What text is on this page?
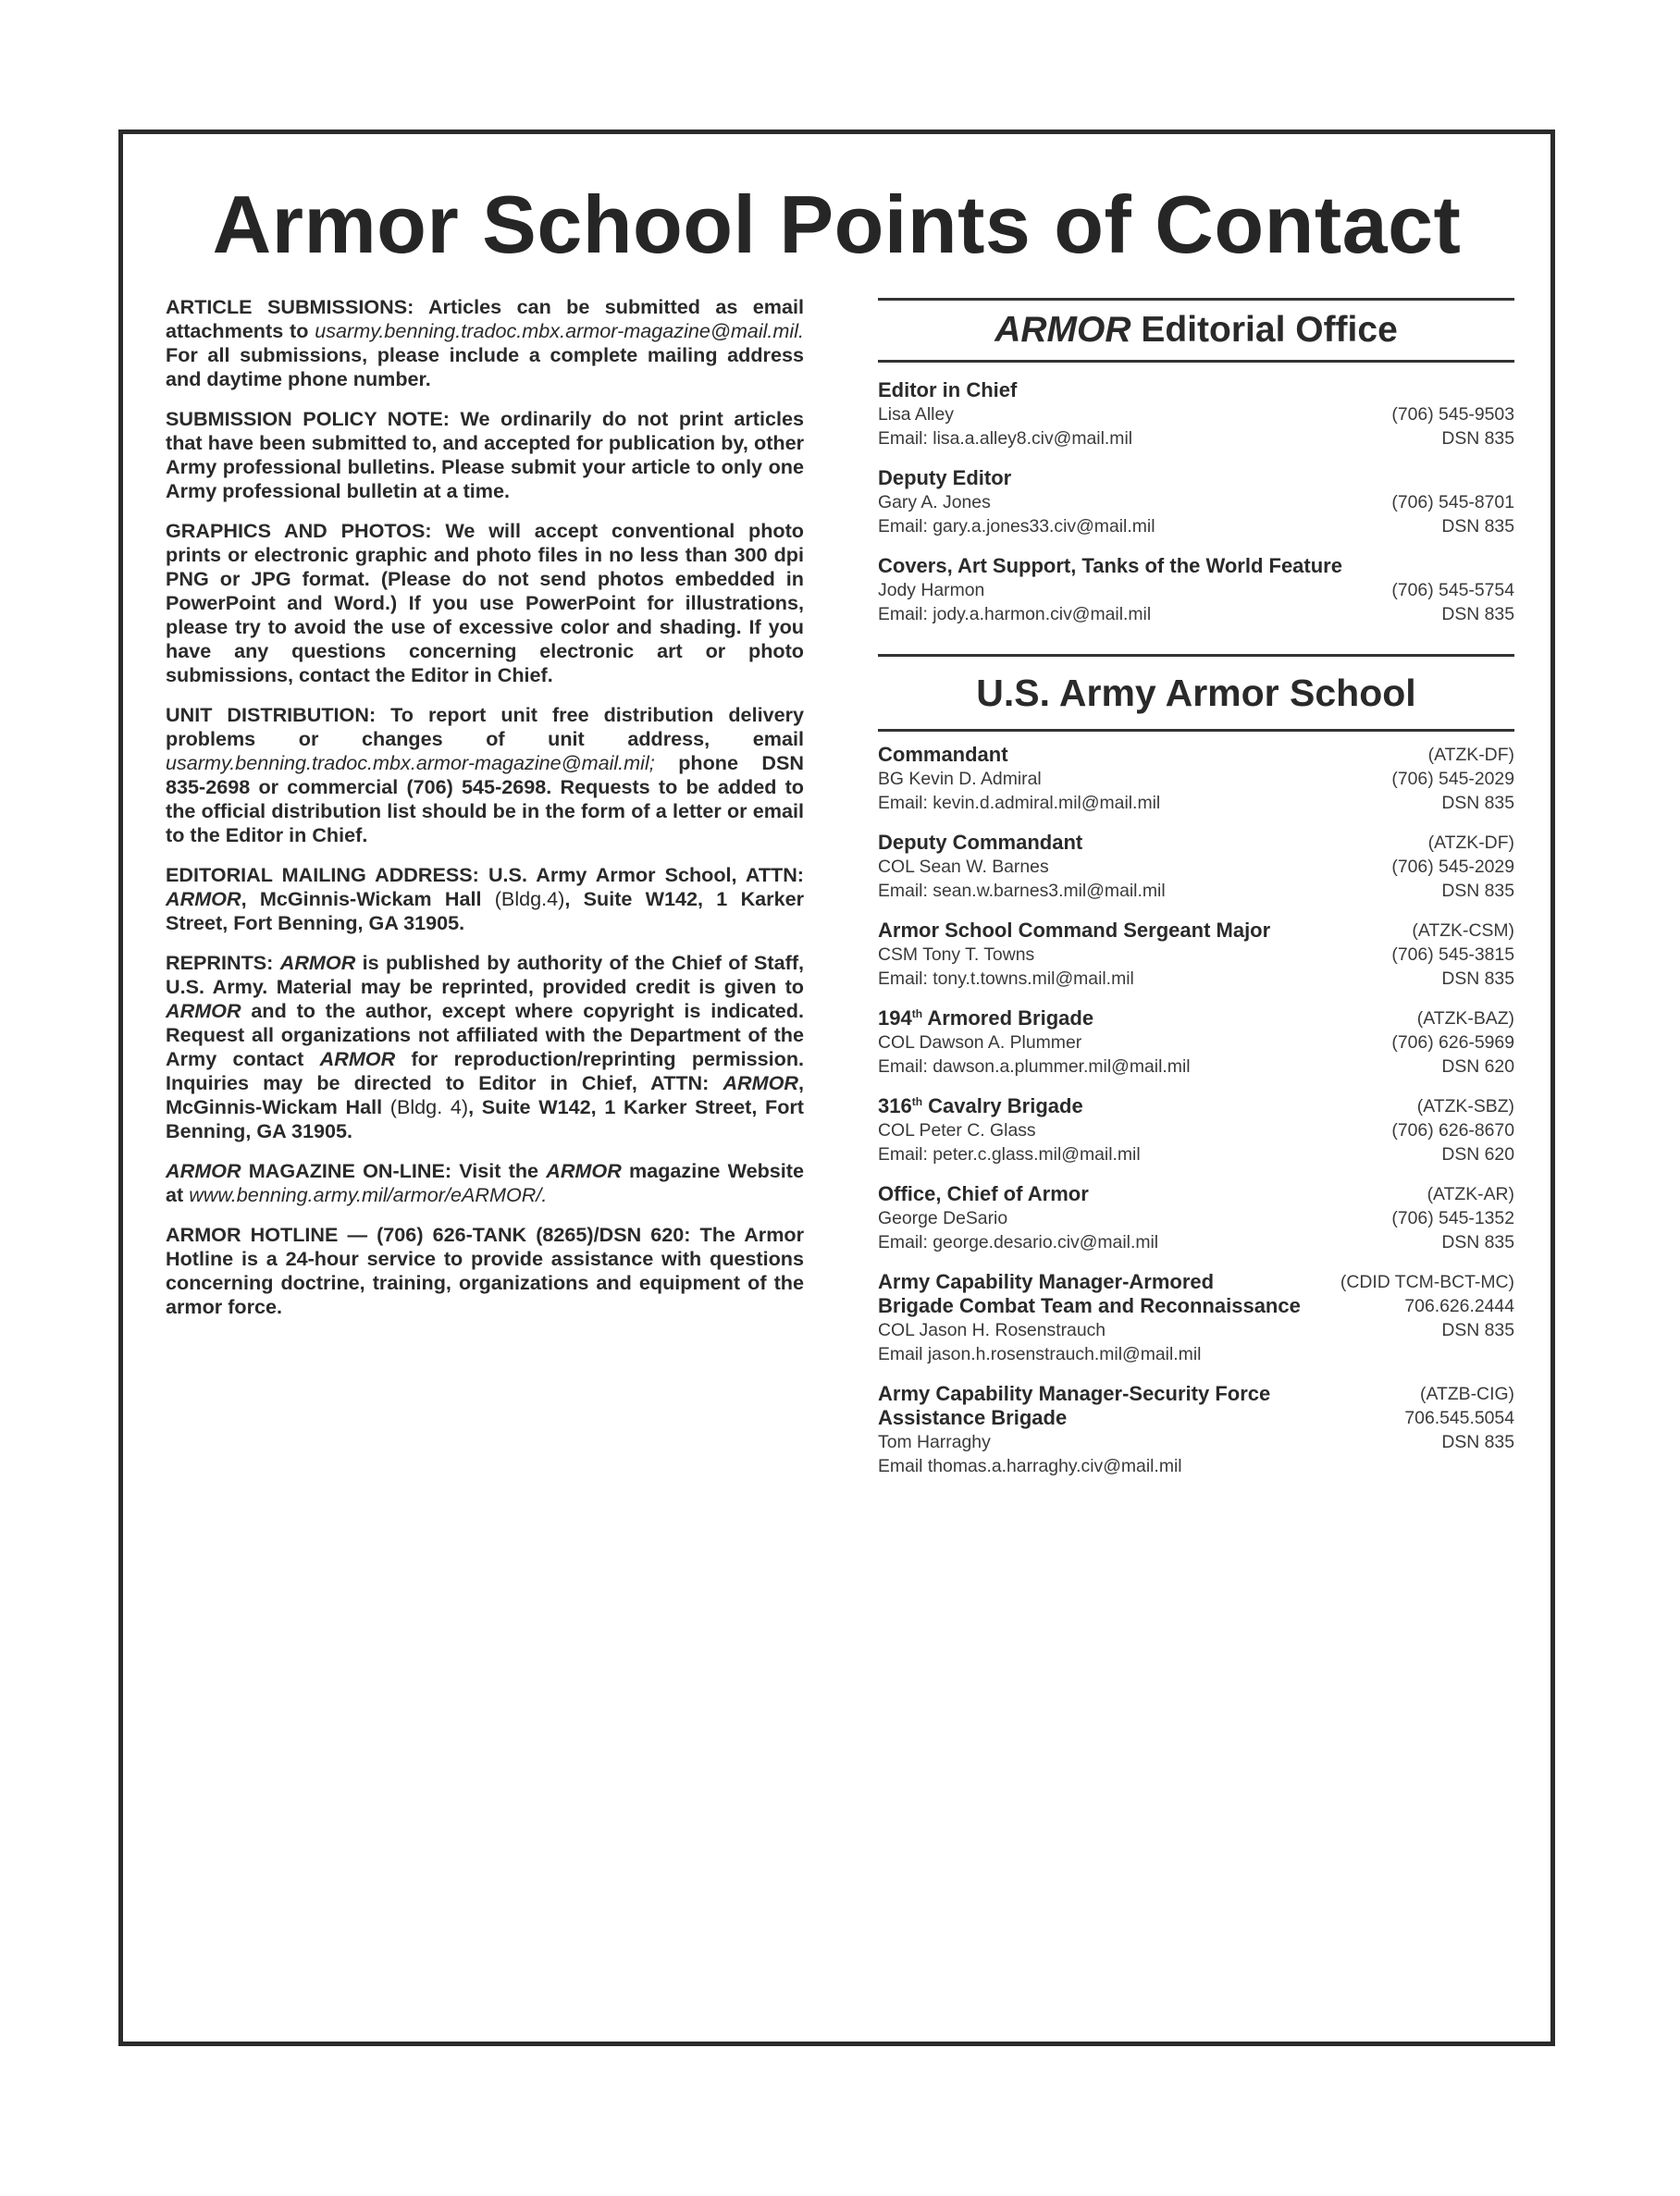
Armor School Points of Contact

ARTICLE SUBMISSIONS: Articles can be submitted as email attachments to usarmy.benning.tradoc.mbx.armor-magazine@mail.mil. For all submissions, please include a complete mailing address and daytime phone number.

SUBMISSION POLICY NOTE: We ordinarily do not print articles that have been submitted to, and accepted for publication by, other Army professional bulletins. Please submit your article to only one Army professional bulletin at a time.

GRAPHICS AND PHOTOS: We will accept conventional photo prints or electronic graphic and photo files in no less than 300 dpi PNG or JPG format. (Please do not send photos embedded in PowerPoint and Word.) If you use PowerPoint for illustrations, please try to avoid the use of excessive color and shading. If you have any questions concerning electronic art or photo submissions, contact the Editor in Chief.

UNIT DISTRIBUTION: To report unit free distribution delivery problems or changes of unit address, email usarmy.benning.tradoc.mbx.armor-magazine@mail.mil; phone DSN 835-2698 or commercial (706) 545-2698. Requests to be added to the official distribution list should be in the form of a letter or email to the Editor in Chief.

EDITORIAL MAILING ADDRESS: U.S. Army Armor School, ATTN: ARMOR, McGinnis-Wickam Hall (Bldg.4), Suite W142, 1 Karker Street, Fort Benning, GA 31905.

REPRINTS: ARMOR is published by authority of the Chief of Staff, U.S. Army. Material may be reprinted, provided credit is given to ARMOR and to the author, except where copyright is indicated. Request all organizations not affiliated with the Department of the Army contact ARMOR for reproduction/reprinting permission. Inquiries may be directed to Editor in Chief, ATTN: ARMOR, McGinnis-Wickam Hall (Bldg. 4), Suite W142, 1 Karker Street, Fort Benning, GA 31905.

ARMOR MAGAZINE ON-LINE: Visit the ARMOR magazine Website at www.benning.army.mil/armor/eARMOR/.

ARMOR HOTLINE — (706) 626-TANK (8265)/DSN 620: The Armor Hotline is a 24-hour service to provide assistance with questions concerning doctrine, training, organizations and equipment of the armor force.

ARMOR Editorial Office
Editor in Chief
Lisa Alley	(706) 545-9503
Email: lisa.a.alley8.civ@mail.mil	DSN 835
Deputy Editor
Gary A. Jones	(706) 545-8701
Email: gary.a.jones33.civ@mail.mil	DSN 835
Covers, Art Support, Tanks of the World Feature
Jody Harmon	(706) 545-5754
Email: jody.a.harmon.civ@mail.mil	DSN 835
U.S. Army Armor School
Commandant	(ATZK-DF)
BG Kevin D. Admiral	(706) 545-2029
Email: kevin.d.admiral.mil@mail.mil	DSN 835
Deputy Commandant	(ATZK-DF)
COL Sean W. Barnes	(706) 545-2029
Email: sean.w.barnes3.mil@mail.mil	DSN 835
Armor School Command Sergeant Major	(ATZK-CSM)
CSM Tony T. Towns	(706) 545-3815
Email: tony.t.towns.mil@mail.mil	DSN 835
194th Armored Brigade	(ATZK-BAZ)
COL Dawson A. Plummer	(706) 626-5969
Email: dawson.a.plummer.mil@mail.mil	DSN 620
316th Cavalry Brigade	(ATZK-SBZ)
COL Peter C. Glass	(706) 626-8670
Email: peter.c.glass.mil@mail.mil	DSN 620
Office, Chief of Armor	(ATZK-AR)
George DeSario	(706) 545-1352
Email: george.desario.civ@mail.mil	DSN 835
Army Capability Manager-Armored	(CDID TCM-BCT-MC)
Brigade Combat Team and Reconnaissance	706.626.2444
COL Jason H. Rosenstrauch	DSN 835
Email jason.h.rosenstrauch.mil@mail.mil
Army Capability Manager-Security Force	(ATZB-CIG)
Assistance Brigade	706.545.5054
Tom Harraghy	DSN 835
Email thomas.a.harraghy.civ@mail.mil
